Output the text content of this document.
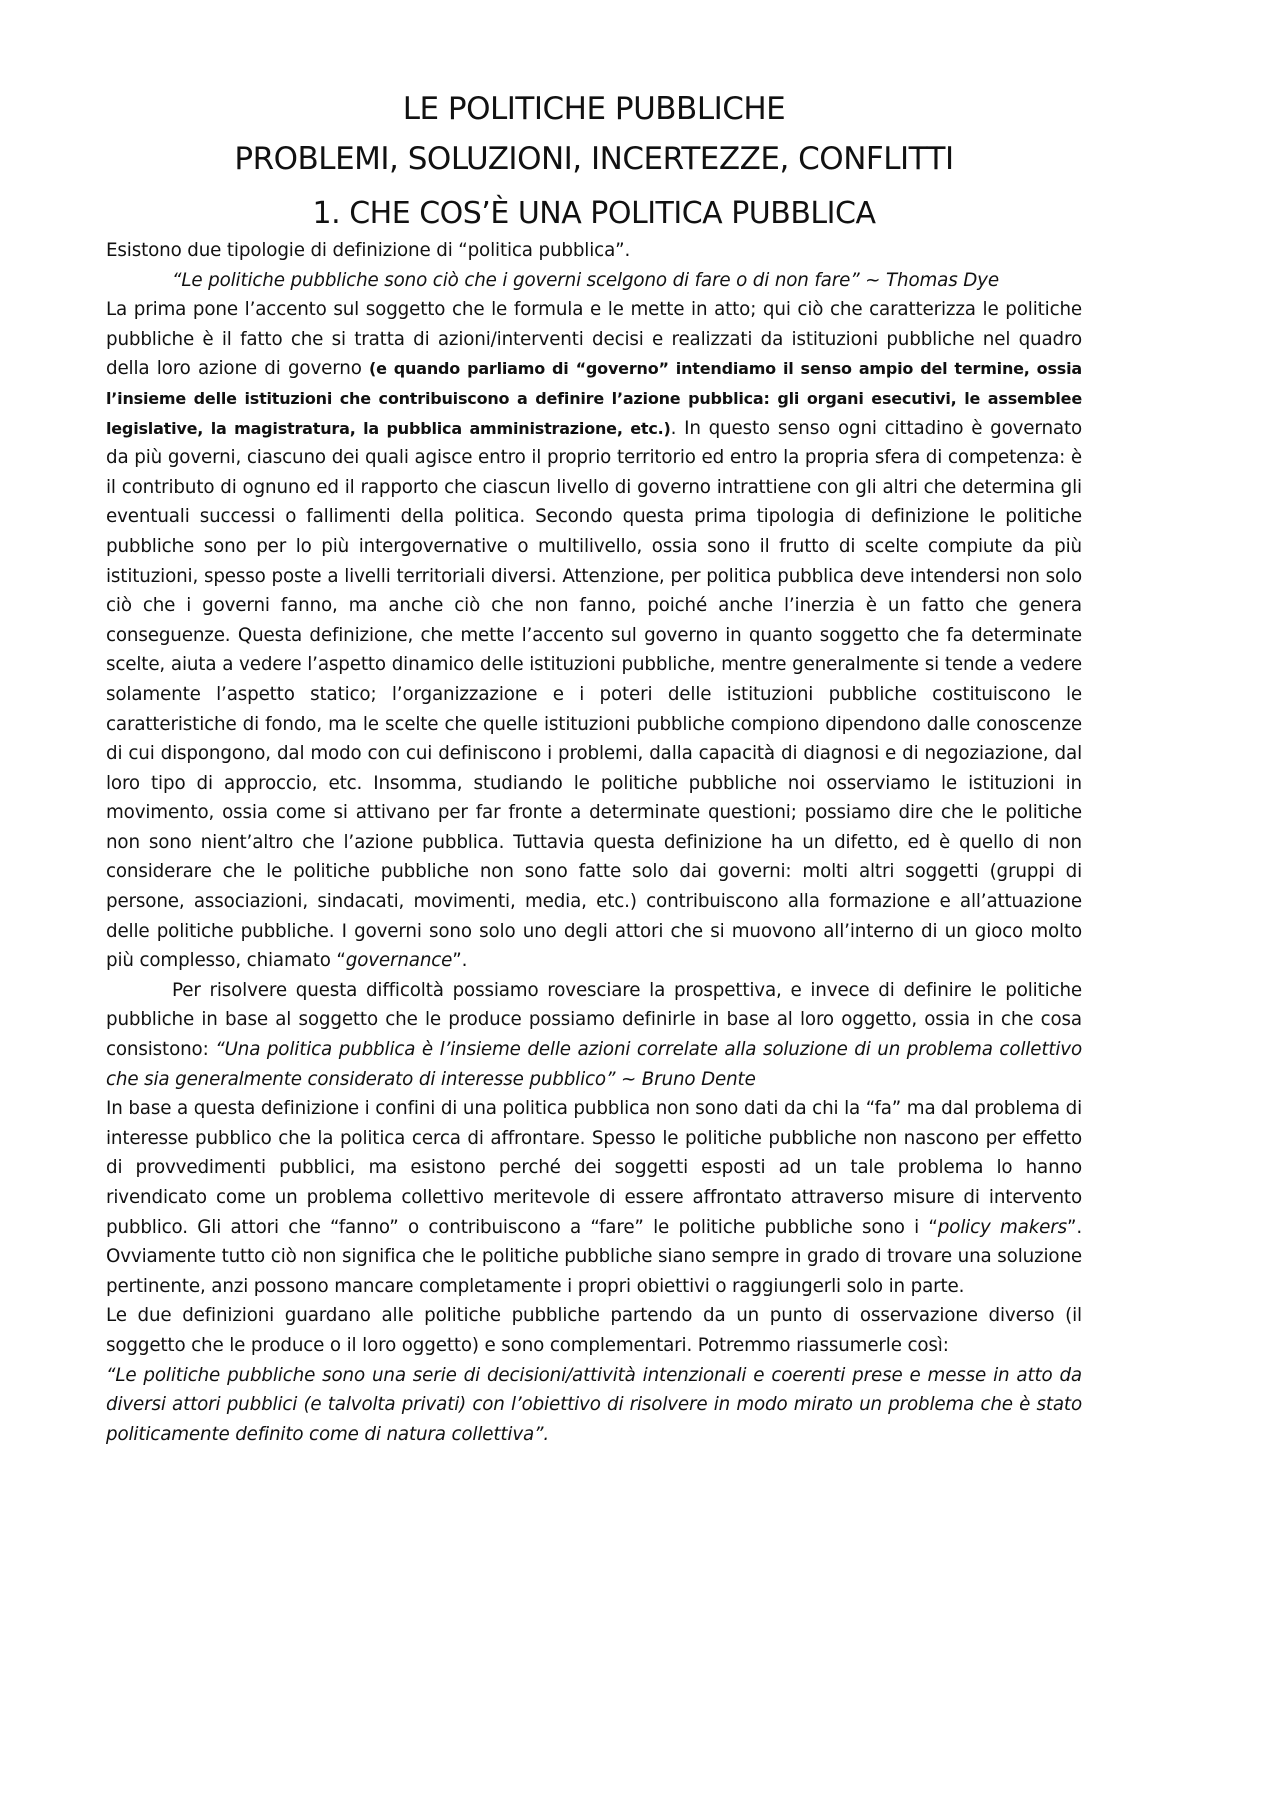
LE POLITICHE PUBBLICHE
PROBLEMI, SOLUZIONI, INCERTEZZE, CONFLITTI
1. CHE COS’È UNA POLITICA PUBBLICA

Esistono due tipologie di definizione di “politica pubblica”.

“Le politiche pubbliche sono ciò che i governi scelgono di fare o di non fare” ~ Thomas Dye

La prima pone l’accento sul soggetto che le formula e le mette in atto; qui ciò che caratterizza le politiche pubbliche è il fatto che si tratta di azioni/interventi decisi e realizzati da istituzioni pubbliche nel quadro della loro azione di governo (e quando parliamo di “governo” intendiamo il senso ampio del termine, ossia l’insieme delle istituzioni che contribuiscono a definire l’azione pubblica: gli organi esecutivi, le assemblee legislative, la magistratura, la pubblica amministrazione, etc.). In questo senso ogni cittadino è governato da più governi, ciascuno dei quali agisce entro il proprio territorio ed entro la propria sfera di competenza: è il contributo di ognuno ed il rapporto che ciascun livello di governo intrattiene con gli altri che determina gli eventuali successi o fallimenti della politica. Secondo questa prima tipologia di definizione le politiche pubbliche sono per lo più intergovernative o multilivello, ossia sono il frutto di scelte compiute da più istituzioni, spesso poste a livelli territoriali diversi. Attenzione, per politica pubblica deve intendersi non solo ciò che i governi fanno, ma anche ciò che non fanno, poiché anche l’inerzia è un fatto che genera conseguenze. Questa definizione, che mette l’accento sul governo in quanto soggetto che fa determinate scelte, aiuta a vedere l’aspetto dinamico delle istituzioni pubbliche, mentre generalmente si tende a vedere solamente l’aspetto statico; l’organizzazione e i poteri delle istituzioni pubbliche costituiscono le caratteristiche di fondo, ma le scelte che quelle istituzioni pubbliche compiono dipendono dalle conoscenze di cui dispongono, dal modo con cui definiscono i problemi, dalla capacità di diagnosi e di negoziazione, dal loro tipo di approccio, etc. Insomma, studiando le politiche pubbliche noi osserviamo le istituzioni in movimento, ossia come si attivano per far fronte a determinate questioni; possiamo dire che le politiche non sono nient’altro che l’azione pubblica. Tuttavia questa definizione ha un difetto, ed è quello di non considerare che le politiche pubbliche non sono fatte solo dai governi: molti altri soggetti (gruppi di persone, associazioni, sindacati, movimenti, media, etc.) contribuiscono alla formazione e all’attuazione delle politiche pubbliche. I governi sono solo uno degli attori che si muovono all’interno di un gioco molto più complesso, chiamato “governance”.

Per risolvere questa difficoltà possiamo rovesciare la prospettiva, e invece di definire le politiche pubbliche in base al soggetto che le produce possiamo definirle in base al loro oggetto, ossia in che cosa consistono: “Una politica pubblica è l’insieme delle azioni correlate alla soluzione di un problema collettivo che sia generalmente considerato di interesse pubblico” ~ Bruno Dente

In base a questa definizione i confini di una politica pubblica non sono dati da chi la “fa” ma dal problema di interesse pubblico che la politica cerca di affrontare. Spesso le politiche pubbliche non nascono per effetto di provvedimenti pubblici, ma esistono perché dei soggetti esposti ad un tale problema lo hanno rivendicato come un problema collettivo meritevole di essere affrontato attraverso misure di intervento pubblico. Gli attori che “fanno” o contribuiscono a “fare” le politiche pubbliche sono i “policy makers”. Ovviamente tutto ciò non significa che le politiche pubbliche siano sempre in grado di trovare una soluzione pertinente, anzi possono mancare completamente i propri obiettivi o raggiungerli solo in parte.

Le due definizioni guardano alle politiche pubbliche partendo da un punto di osservazione diverso (il soggetto che le produce o il loro oggetto) e sono complementari. Potremmo riassumerle così:

“Le politiche pubbliche sono una serie di decisioni/attività intenzionali e coerenti prese e messe in atto da diversi attori pubblici (e talvolta privati) con l’obiettivo di risolvere in modo mirato un problema che è stato politicamente definito come di natura collettiva”.
